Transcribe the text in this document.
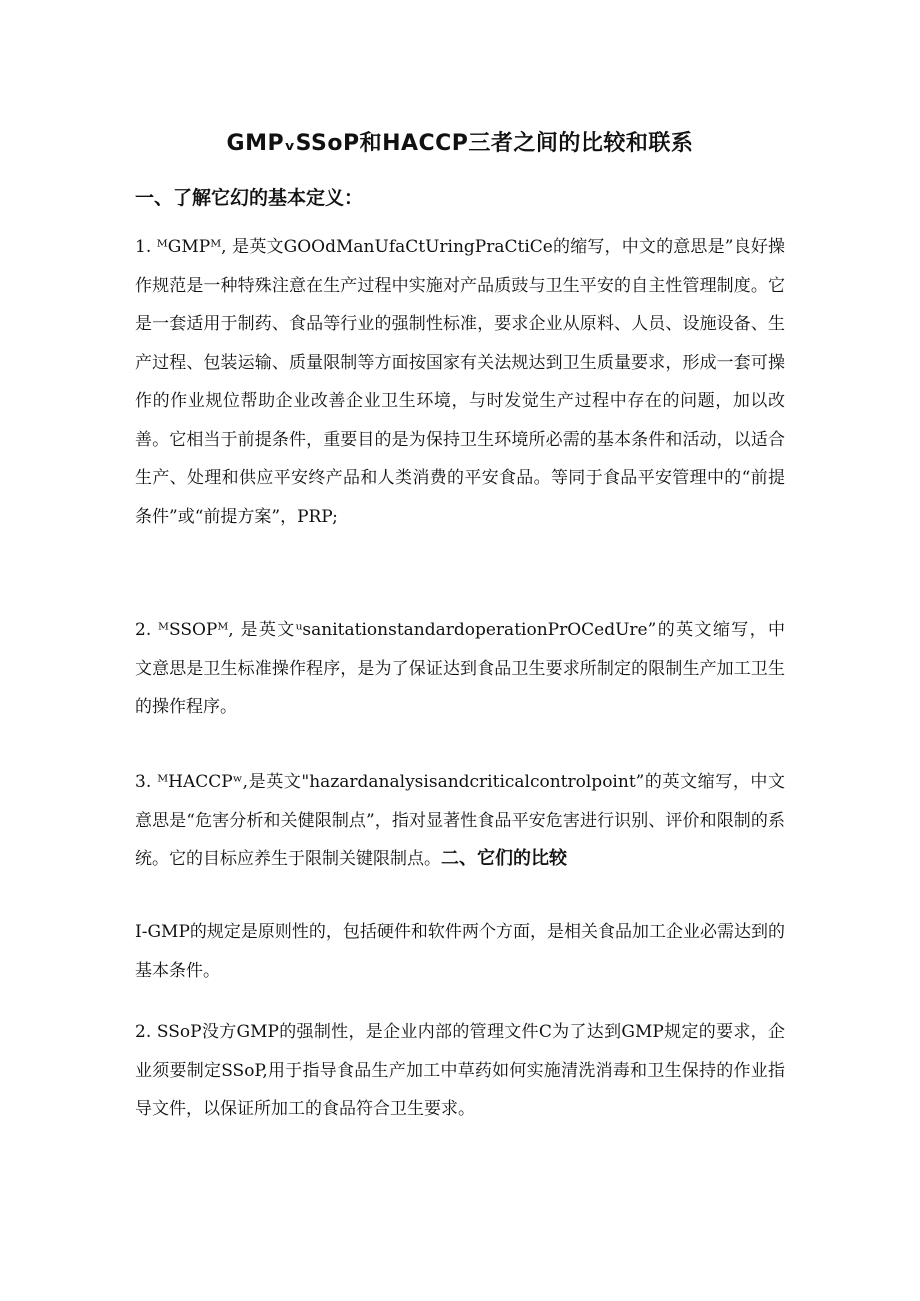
GMPᵥSSoP和HACCP三者之间的比较和联系
一、了解它幻的基本定义：

1. ᴹGMPᴹ, 是英文GOOdManUfaCtUringPraCtiCe的缩写，中文的意思是”良好操作规范是一种特殊注意在生产过程中实施对产品质豉与卫生平安的自主性管理制度。它是一套适用于制药、食品等行业的强制性标准，要求企业从原料、人员、设施设备、生产过程、包装运输、质量限制等方面按国家有关法规达到卫生质量要求，形成一套可操作的作业规位帮助企业改善企业卫生环境，与时发觉生产过程中存在的问题，加以改善。它相当于前提条件，重要目的是为保持卫生环境所必需的基本条件和活动，以适合生产、处理和供应平安终产品和人类消费的平安食品。等同于食品平安管理中的“前提条件”或“前提方案”，PRP;

2. ᴹSSOPᴹ, 是英文ᵘsanitationstandardoperationPrOCedUre”的英文缩写，中文意思是卫生标准操作程序，是为了保证达到食品卫生要求所制定的限制生产加工卫生的操作程序。

3. ᴹHACCPʷ,是英文"hazardanalysisandcriticalcontrolpoint”的英文缩写，中文意思是“危害分析和关健限制点”，指对显著性食品平安危害进行识别、评价和限制的系统。它的目标应养生于限制关键限制点。二、它们的比较

I-GMP的规定是原则性的，包括硬件和软件两个方面，是相关食品加工企业必需达到的基本条件。

2. SSoP没方GMP的强制性，是企业内部的管理文件C为了达到GMP规定的要求，企业须要制定SSoP,用于指导食品生产加工中草药如何实施清洗消毒和卫生保持的作业指导文件，以保证所加工的食品符合卫生要求。
